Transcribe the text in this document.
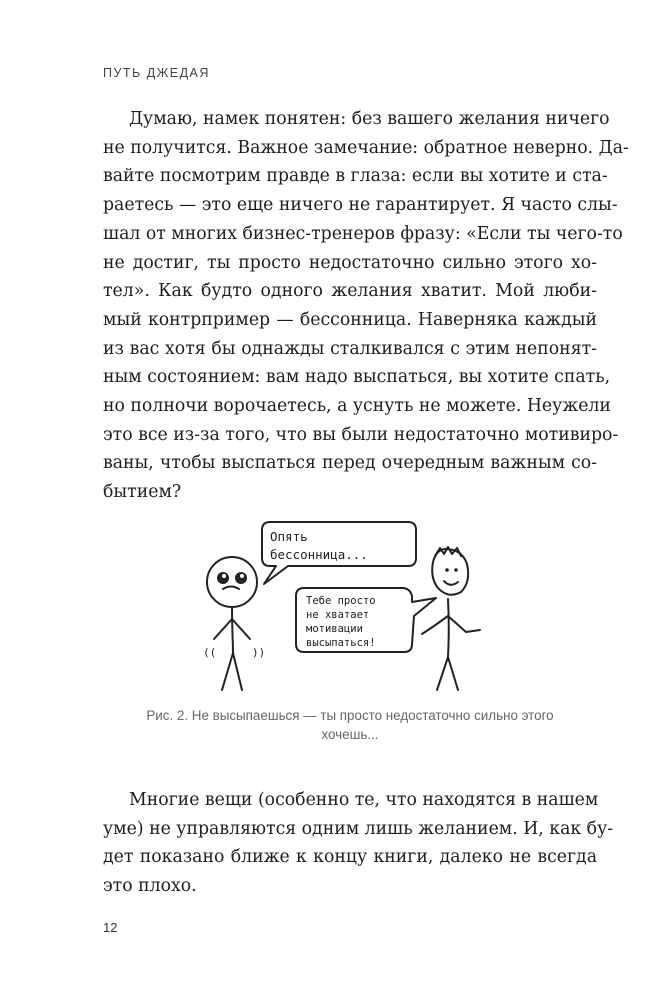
ПУТЬ ДЖЕДАЯ

Думаю, намек понятен: без вашего желания ничего
не получится. Важное замечание: обратное неверно. Да-
вайте посмотрим правде в глаза: если вы хотите и ста-
раетесь — это еще ничего не гарантирует. Я часто слы-
шал от многих бизнес-тренеров фразу: «Если ты чего-то
не достиг, ты просто недостаточно сильно этого хо-
тел». Как будто одного желания хватит. Мой люби-
мый контрпример — бессонница. Наверняка каждый
из вас хотя бы однажды сталкивался с этим непонят-
ным состоянием: вам надо выспаться, вы хотите спать,
но полночи ворочаетесь, а уснуть не можете. Неужели
это все из-за того, что вы были недостаточно мотивиро-
ваны, чтобы выспаться перед очередным важным со-
бытием?

Опять
бессонница...
Тебе просто
не хватает
мотивации
высыпаться!
((	))

Рис. 2. Не высыпаешься — ты просто недостаточно сильно этого
хочешь...

Многие вещи (особенно те, что находятся в нашем
уме) не управляются одним лишь желанием. И, как бу-
дет показано ближе к концу книги, далеко не всегда
это плохо.

12
